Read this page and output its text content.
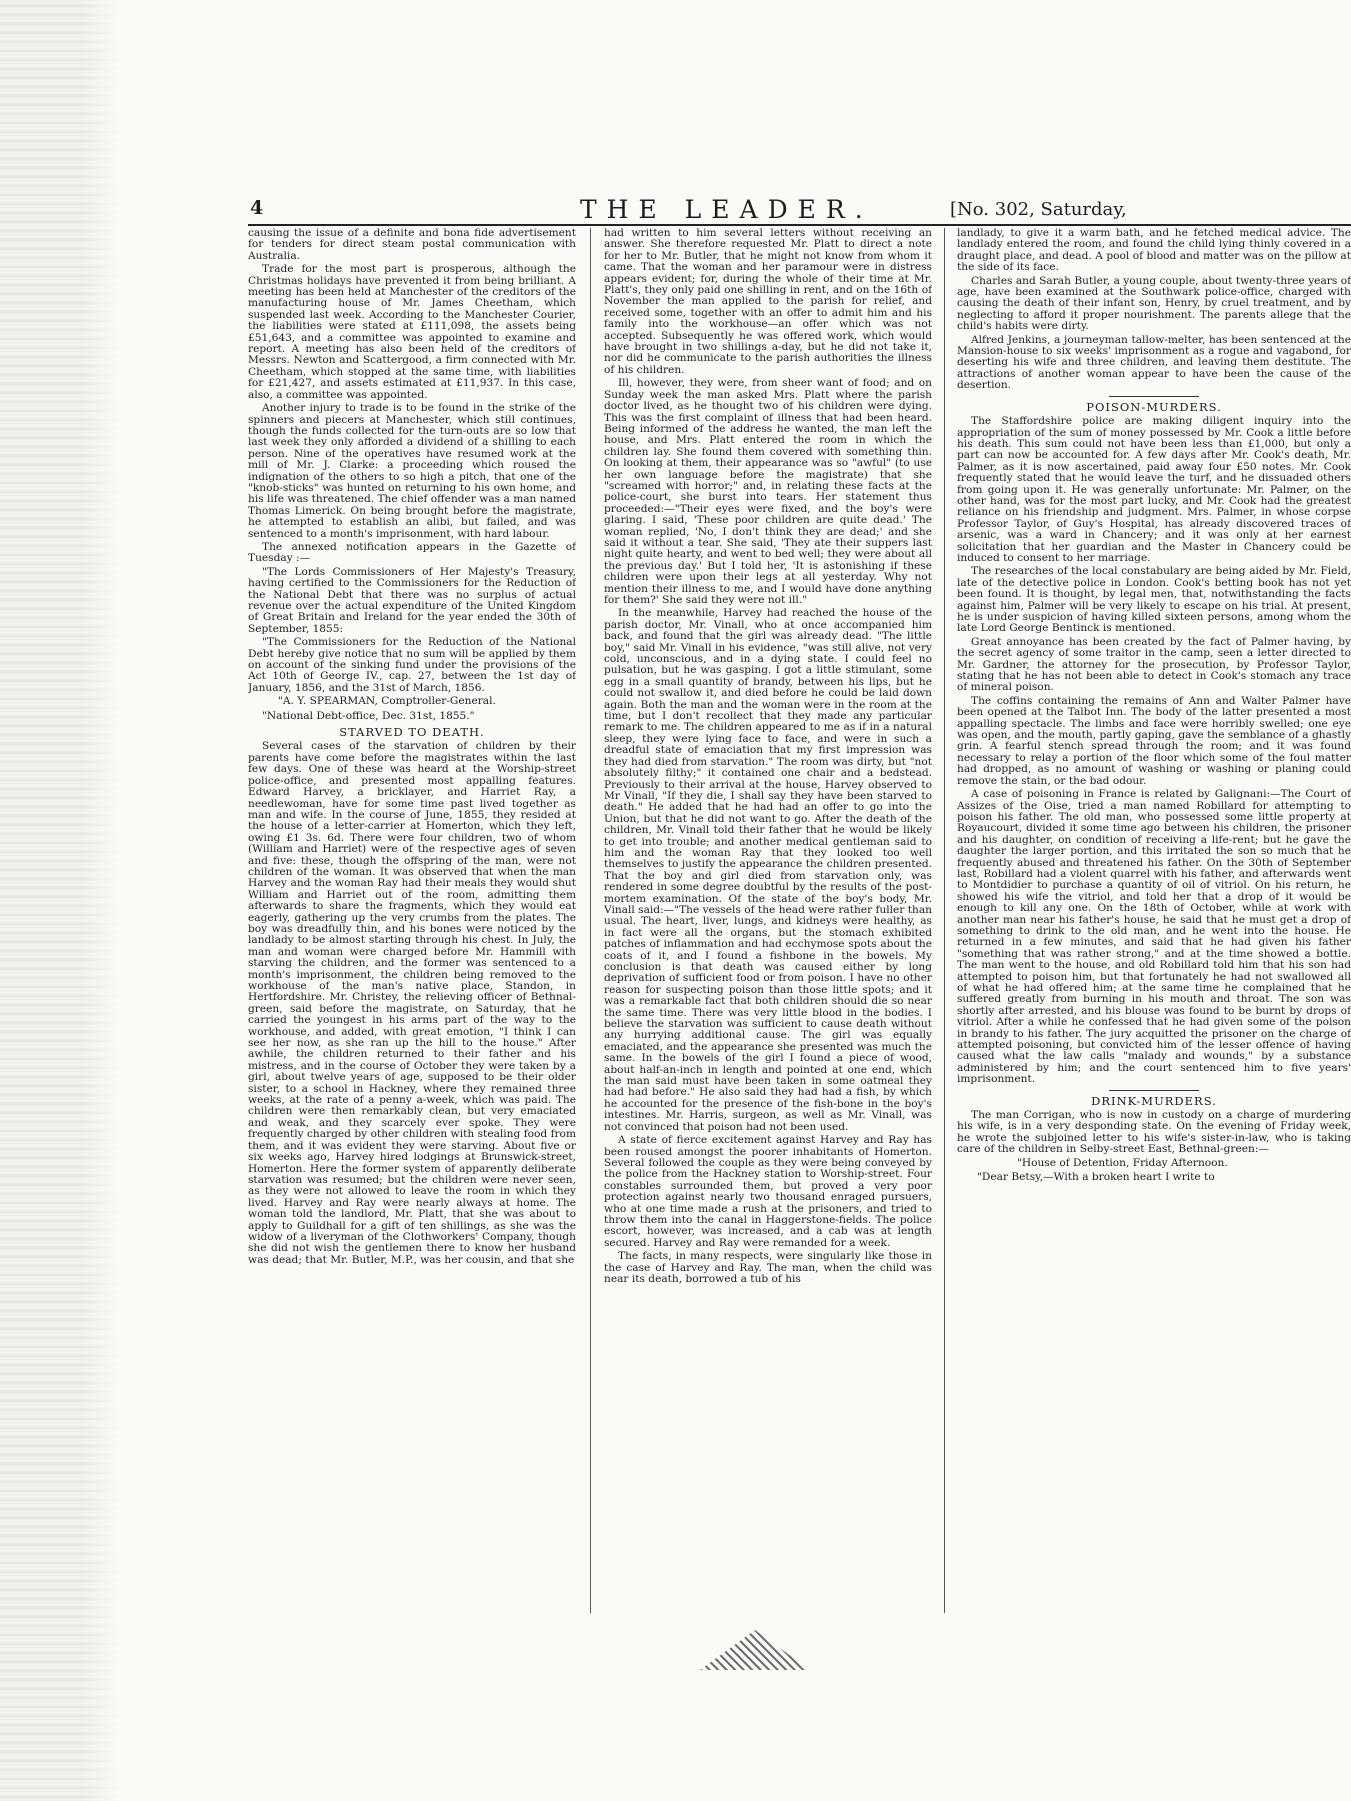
4	THE LEADER.	[No. 302, Saturday,

causing the issue of a definite and bona fide advertisement for tenders for direct steam postal communication with Australia.

Trade for the most part is prosperous, although the Christmas holidays have prevented it from being brilliant. A meeting has been held at Manchester of the creditors of the manufacturing house of Mr. James Cheetham, which suspended last week. According to the Manchester Courier, the liabilities were stated at £111,098, the assets being £51,643, and a committee was appointed to examine and report. A meeting has also been held of the creditors of Messrs. Newton and Scattergood, a firm connected with Mr. Cheetham, which stopped at the same time, with liabilities for £21,427, and assets estimated at £11,937. In this case, also, a committee was appointed.

Another injury to trade is to be found in the strike of the spinners and piecers at Manchester, which still continues, though the funds collected for the turn-outs are so low that last week they only afforded a dividend of a shilling to each person. Nine of the operatives have resumed work at the mill of Mr. J. Clarke: a proceeding which roused the indignation of the others to so high a pitch, that one of the "knob-sticks" was hunted on returning to his own home, and his life was threatened. The chief offender was a man named Thomas Limerick. On being brought before the magistrate, he attempted to establish an alibi, but failed, and was sentenced to a month's imprisonment, with hard labour.

The annexed notification appears in the Gazette of Tuesday :—

"The Lords Commissioners of Her Majesty's Treasury, having certified to the Commissioners for the Reduction of the National Debt that there was no surplus of actual revenue over the actual expenditure of the United Kingdom of Great Britain and Ireland for the year ended the 30th of September, 1855:

"The Commissioners for the Reduction of the National Debt hereby give notice that no sum will be applied by them on account of the sinking fund under the provisions of the Act 10th of George IV., cap. 27, between the 1st day of January, 1856, and the 31st of March, 1856.

"A. Y. SPEARMAN, Comptroller-General.
"National Debt-office, Dec. 31st, 1855."
STARVED TO DEATH.

Several cases of the starvation of children by their parents have come before the magistrates within the last few days. One of these was heard at the Worship-street police-office, and presented most appalling features. Edward Harvey, a bricklayer, and Harriet Ray, a needlewoman, have for some time past lived together as man and wife. In the course of June, 1855, they resided at the house of a letter-carrier at Homerton, which they left, owing £1 3s. 6d. There were four children, two of whom (William and Harriet) were of the respective ages of seven and five: these, though the offspring of the man, were not children of the woman. It was observed that when the man Harvey and the woman Ray had their meals they would shut William and Harriet out of the room, admitting them afterwards to share the fragments, which they would eat eagerly, gathering up the very crumbs from the plates. The boy was dreadfully thin, and his bones were noticed by the landlady to be almost starting through his chest. In July, the man and woman were charged before Mr. Hammill with starving the children, and the former was sentenced to a month's imprisonment, the children being removed to the workhouse of the man's native place, Standon, in Hertfordshire. Mr. Christey, the relieving officer of Bethnal-green, said before the magistrate, on Saturday, that he carried the youngest in his arms part of the way to the workhouse, and added, with great emotion, "I think I can see her now, as she ran up the hill to the house." After awhile, the children returned to their father and his mistress, and in the course of October they were taken by a girl, about twelve years of age, supposed to be their older sister, to a school in Hackney, where they remained three weeks, at the rate of a penny a-week, which was paid. The children were then remarkably clean, but very emaciated and weak, and they scarcely ever spoke. They were frequently charged by other children with stealing food from them, and it was evident they were starving. About five or six weeks ago, Harvey hired lodgings at Brunswick-street, Homerton. Here the former system of apparently deliberate starvation was resumed; but the children were never seen, as they were not allowed to leave the room in which they lived. Harvey and Ray were nearly always at home. The woman told the landlord, Mr. Platt, that she was about to apply to Guildhall for a gift of ten shillings, as she was the widow of a liveryman of the Clothworkers' Company, though she did not wish the gentlemen there to know her husband was dead; that Mr. Butler, M.P., was her cousin, and that she

had written to him several letters without receiving an answer. She therefore requested Mr. Platt to direct a note for her to Mr. Butler, that he might not know from whom it came. That the woman and her paramour were in distress appears evident; for, during the whole of their time at Mr. Platt's, they only paid one shilling in rent, and on the 16th of November the man applied to the parish for relief, and received some, together with an offer to admit him and his family into the workhouse—an offer which was not accepted. Subsequently he was offered work, which would have brought in two shillings a-day, but he did not take it, nor did he communicate to the parish authorities the illness of his children.

Ill, however, they were, from sheer want of food; and on Sunday week the man asked Mrs. Platt where the parish doctor lived, as he thought two of his children were dying. This was the first complaint of illness that had been heard. Being informed of the address he wanted, the man left the house, and Mrs. Platt entered the room in which the children lay. She found them covered with something thin. On looking at them, their appearance was so "awful" (to use her own language before the magistrate) that she "screamed with horror;" and, in relating these facts at the police-court, she burst into tears. Her statement thus proceeded:—"Their eyes were fixed, and the boy's were glaring. I said, 'These poor children are quite dead.' The woman replied, 'No, I don't think they are dead;' and she said it without a tear. She said, 'They ate their suppers last night quite hearty, and went to bed well; they were about all the previous day.' But I told her, 'It is astonishing if these children were upon their legs at all yesterday. Why not mention their illness to me, and I would have done anything for them?' She said they were not ill."

In the meanwhile, Harvey had reached the house of the parish doctor, Mr. Vinall, who at once accompanied him back, and found that the girl was already dead. "The little boy," said Mr. Vinall in his evidence, "was still alive, not very cold, unconscious, and in a dying state. I could feel no pulsation, but he was gasping. I got a little stimulant, some egg in a small quantity of brandy, between his lips, but he could not swallow it, and died before he could be laid down again. Both the man and the woman were in the room at the time, but I don't recollect that they made any particular remark to me. The children appeared to me as if in a natural sleep, they were lying face to face, and were in such a dreadful state of emaciation that my first impression was they had died from starvation." The room was dirty, but "not absolutely filthy;" it contained one chair and a bedstead. Previously to their arrival at the house, Harvey observed to Mr Vinall, "If they die, I shall say they have been starved to death." He added that he had had an offer to go into the Union, but that he did not want to go. After the death of the children, Mr. Vinall told their father that he would be likely to get into trouble; and another medical gentleman said to him and the woman Ray that they looked too well themselves to justify the appearance the children presented. That the boy and girl died from starvation only, was rendered in some degree doubtful by the results of the post-mortem examination. Of the state of the boy's body, Mr. Vinall said:—"The vessels of the head were rather fuller than usual. The heart, liver, lungs, and kidneys were healthy, as in fact were all the organs, but the stomach exhibited patches of inflammation and had ecchymose spots about the coats of it, and I found a fishbone in the bowels. My conclusion is that death was caused either by long deprivation of sufficient food or from poison. I have no other reason for suspecting poison than those little spots; and it was a remarkable fact that both children should die so near the same time. There was very little blood in the bodies. I believe the starvation was sufficient to cause death without any hurrying additional cause. The girl was equally emaciated, and the appearance she presented was much the same. In the bowels of the girl I found a piece of wood, about half-an-inch in length and pointed at one end, which the man said must have been taken in some oatmeal they had had before." He also said they had had a fish, by which he accounted for the presence of the fish-bone in the boy's intestines. Mr. Harris, surgeon, as well as Mr. Vinall, was not convinced that poison had not been used.

A state of fierce excitement against Harvey and Ray has been roused amongst the poorer inhabitants of Homerton. Several followed the couple as they were being conveyed by the police from the Hackney station to Worship-street. Four constables surrounded them, but proved a very poor protection against nearly two thousand enraged pursuers, who at one time made a rush at the prisoners, and tried to throw them into the canal in Haggerstone-fields. The police escort, however, was increased, and a cab was at length secured. Harvey and Ray were remanded for a week.

The facts, in many respects, were singularly like those in the case of Harvey and Ray. The man, when the child was near its death, borrowed a tub of his

landlady, to give it a warm bath, and he fetched medical advice. The landlady entered the room, and found the child lying thinly covered in a draught place, and dead. A pool of blood and matter was on the pillow at the side of its face.

Charles and Sarah Butler, a young couple, about twenty-three years of age, have been examined at the Southwark police-office, charged with causing the death of their infant son, Henry, by cruel treatment, and by neglecting to afford it proper nourishment. The parents allege that the child's habits were dirty.

Alfred Jenkins, a journeyman tallow-melter, has been sentenced at the Mansion-house to six weeks' imprisonment as a rogue and vagabond, for deserting his wife and three children, and leaving them destitute. The attractions of another woman appear to have been the cause of the desertion.

POISON-MURDERS.

The Staffordshire police are making diligent inquiry into the appropriation of the sum of money possessed by Mr. Cook a little before his death. This sum could not have been less than £1,000, but only a part can now be accounted for. A few days after Mr. Cook's death, Mr. Palmer, as it is now ascertained, paid away four £50 notes. Mr. Cook frequently stated that he would leave the turf, and he dissuaded others from going upon it. He was generally unfortunate: Mr. Palmer, on the other hand, was for the most part lucky, and Mr. Cook had the greatest reliance on his friendship and judgment. Mrs. Palmer, in whose corpse Professor Taylor, of Guy's Hospital, has already discovered traces of arsenic, was a ward in Chancery; and it was only at her earnest solicitation that her guardian and the Master in Chancery could be induced to consent to her marriage.

The researches of the local constabulary are being aided by Mr. Field, late of the detective police in London. Cook's betting book has not yet been found. It is thought, by legal men, that, notwithstanding the facts against him, Palmer will be very likely to escape on his trial. At present, he is under suspicion of having killed sixteen persons, among whom the late Lord George Bentinck is mentioned.

Great annoyance has been created by the fact of Palmer having, by the secret agency of some traitor in the camp, seen a letter directed to Mr. Gardner, the attorney for the prosecution, by Professor Taylor, stating that he has not been able to detect in Cook's stomach any trace of mineral poison.

The coffins containing the remains of Ann and Walter Palmer have been opened at the Talbot Inn. The body of the latter presented a most appalling spectacle. The limbs and face were horribly swelled; one eye was open, and the mouth, partly gaping, gave the semblance of a ghastly grin. A fearful stench spread through the room; and it was found necessary to relay a portion of the floor which some of the foul matter had dropped, as no amount of washing or washing or planing could remove the stain, or the bad odour.

A case of poisoning in France is related by Galignani:—The Court of Assizes of the Oise, tried a man named Robillard for attempting to poison his father. The old man, who possessed some little property at Royaucourt, divided it some time ago between his children, the prisoner and his daughter, on condition of receiving a life-rent; but he gave the daughter the larger portion, and this irritated the son so much that he frequently abused and threatened his father. On the 30th of September last, Robillard had a violent quarrel with his father, and afterwards went to Montdidier to purchase a quantity of oil of vitriol. On his return, he showed his wife the vitriol, and told her that a drop of it would be enough to kill any one. On the 18th of October, while at work with another man near his father's house, he said that he must get a drop of something to drink to the old man, and he went into the house. He returned in a few minutes, and said that he had given his father "something that was rather strong," and at the time showed a bottle. The man went to the house, and old Robillard told him that his son had attempted to poison him, but that fortunately he had not swallowed all of what he had offered him; at the same time he complained that he suffered greatly from burning in his mouth and throat. The son was shortly after arrested, and his blouse was found to be burnt by drops of vitriol. After a while he confessed that he had given some of the poison in brandy to his father. The jury acquitted the prisoner on the charge of attempted poisoning, but convicted him of the lesser offence of having caused what the law calls "malady and wounds," by a substance administered by him; and the court sentenced him to five years' imprisonment.

DRINK-MURDERS.

The man Corrigan, who is now in custody on a charge of murdering his wife, is in a very desponding state. On the evening of Friday week, he wrote the subjoined letter to his wife's sister-in-law, who is taking care of the children in Selby-street East, Bethnal-green:—

"House of Detention, Friday Afternoon.
"Dear Betsy,—With a broken heart I write to
